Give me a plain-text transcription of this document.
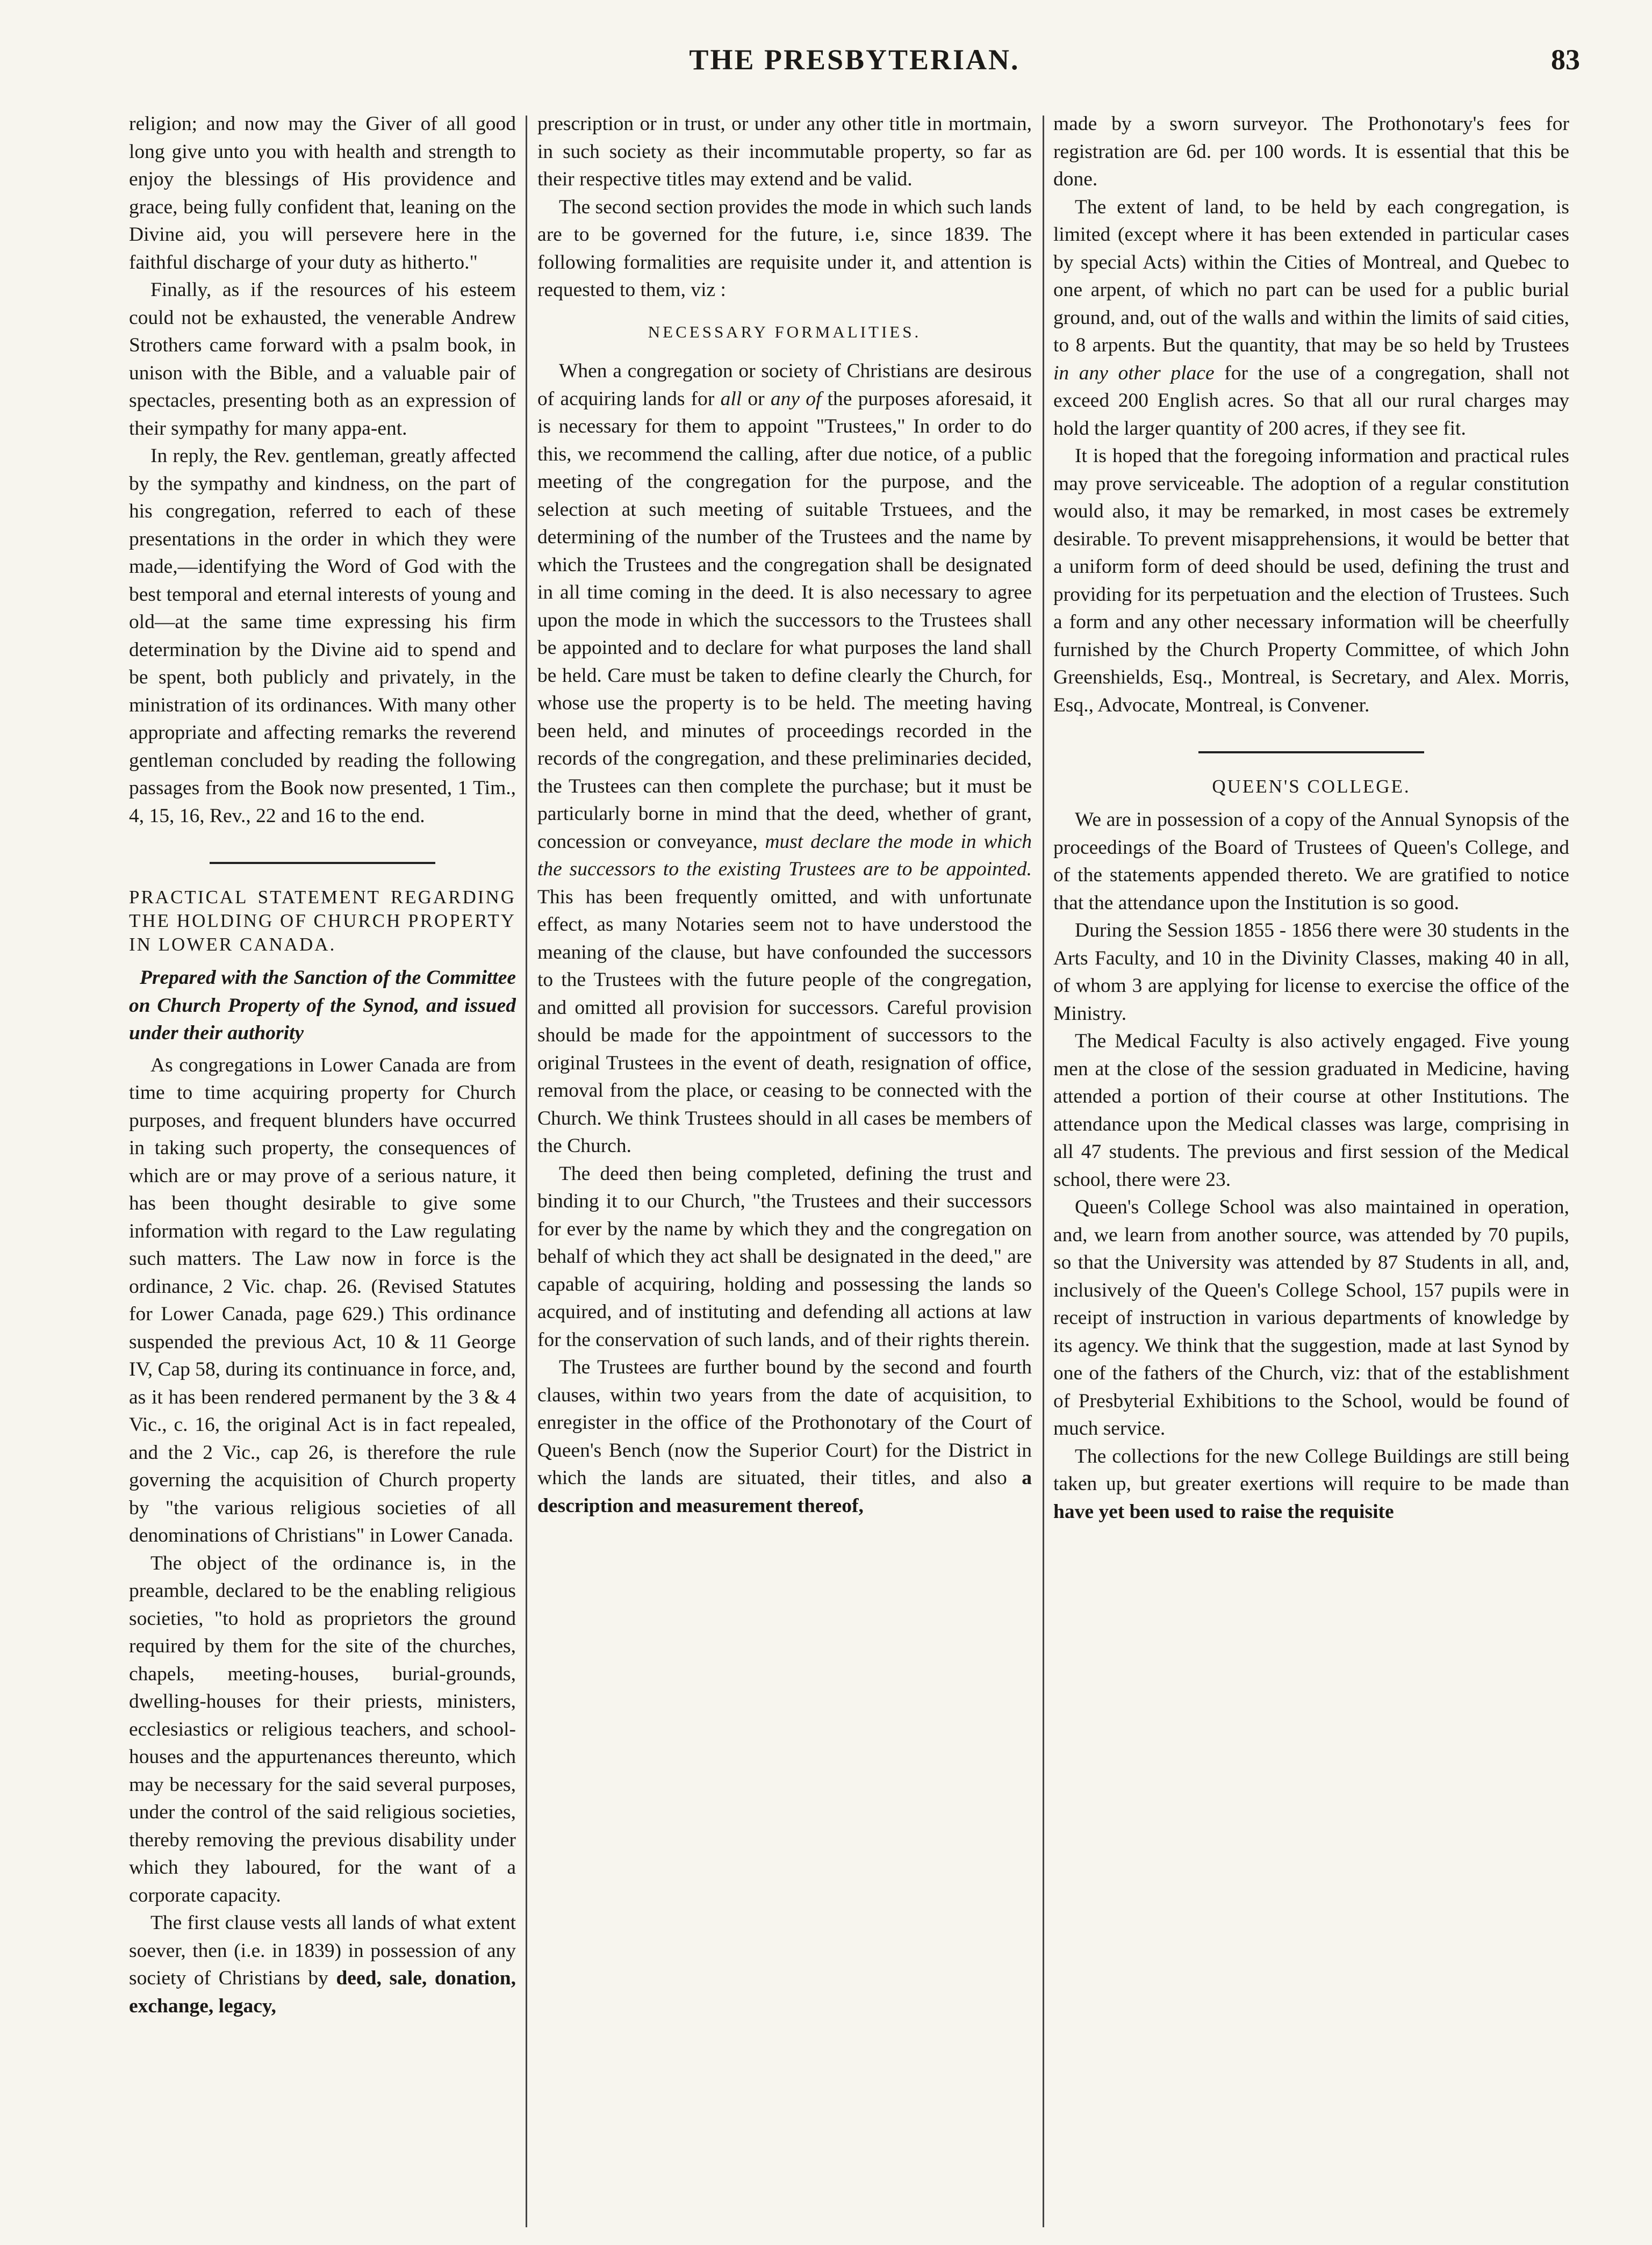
THE PRESBYTERIAN.	83

religion; and now may the Giver of all good long give unto you with health and strength to enjoy the blessings of His providence and grace, being fully confident that, leaning on the Divine aid, you will persevere here in the faithful discharge of your duty as hitherto."

Finally, as if the resources of his esteem could not be exhausted, the venerable Andrew Strothers came forward with a psalm book, in unison with the Bible, and a valuable pair of spectacles, presenting both as an expression of their sympathy for many appa-ent.

In reply, the Rev. gentleman, greatly affected by the sympathy and kindness, on the part of his congregation, referred to each of these presentations in the order in which they were made,—identifying the Word of God with the best temporal and eternal interests of young and old—at the same time expressing his firm determination by the Divine aid to spend and be spent, both publicly and privately, in the ministration of its ordinances. With many other appropriate and affecting remarks the reverend gentleman concluded by reading the following passages from the Book now presented, 1 Tim., 4, 15, 16, Rev., 22 and 16 to the end.

PRACTICAL STATEMENT REGARDING THE HOLDING OF CHURCH PROPERTY IN LOWER CANADA.

Prepared with the Sanction of the Committee on Church Property of the Synod, and issued under their authority

As congregations in Lower Canada are from time to time acquiring property for Church purposes, and frequent blunders have occurred in taking such property, the consequences of which are or may prove of a serious nature, it has been thought desirable to give some information with regard to the Law regulating such matters. The Law now in force is the ordinance, 2 Vic. chap. 26. (Revised Statutes for Lower Canada, page 629.) This ordinance suspended the previous Act, 10 & 11 George IV, Cap 58, during its continuance in force, and, as it has been rendered permanent by the 3 & 4 Vic., c. 16, the original Act is in fact repealed, and the 2 Vic., cap 26, is therefore the rule governing the acquisition of Church property by "the various religious societies of all denominations of Christians" in Lower Canada.

The object of the ordinance is, in the preamble, declared to be the enabling religious societies, "to hold as proprietors the ground required by them for the site of the churches, chapels, meeting-houses, burial-grounds, dwelling-houses for their priests, ministers, ecclesiastics or religious teachers, and school-houses and the appurtenances thereunto, which may be necessary for the said several purposes, under the control of the said religious societies, thereby removing the previous disability under which they laboured, for the want of a corporate capacity.

The first clause vests all lands of what extent soever, then (i.e. in 1839) in possession of any society of Christians by deed, sale, donation, exchange, legacy,

prescription or in trust, or under any other title in mortmain, in such society as their incommutable property, so far as their respective titles may extend and be valid.

The second section provides the mode in which such lands are to be governed for the future, i.e, since 1839. The following formalities are requisite under it, and attention is requested to them, viz :

NECESSARY FORMALITIES.

When a congregation or society of Christians are desirous of acquiring lands for all or any of the purposes aforesaid, it is necessary for them to appoint "Trustees," In order to do this, we recommend the calling, after due notice, of a public meeting of the congregation for the purpose, and the selection at such meeting of suitable Trstuees, and the determining of the number of the Trustees and the name by which the Trustees and the congregation shall be designated in all time coming in the deed. It is also necessary to agree upon the mode in which the successors to the Trustees shall be appointed and to declare for what purposes the land shall be held. Care must be taken to define clearly the Church, for whose use the property is to be held. The meeting having been held, and minutes of proceedings recorded in the records of the congregation, and these preliminaries decided, the Trustees can then complete the purchase; but it must be particularly borne in mind that the deed, whether of grant, concession or conveyance, must declare the mode in which the successors to the existing Trustees are to be appointed. This has been frequently omitted, and with unfortunate effect, as many Notaries seem not to have understood the meaning of the clause, but have confounded the successors to the Trustees with the future people of the congregation, and omitted all provision for successors. Careful provision should be made for the appointment of successors to the original Trustees in the event of death, resignation of office, removal from the place, or ceasing to be connected with the Church. We think Trustees should in all cases be members of the Church.

The deed then being completed, defining the trust and binding it to our Church, "the Trustees and their successors for ever by the name by which they and the congregation on behalf of which they act shall be designated in the deed," are capable of acquiring, holding and possessing the lands so acquired, and of instituting and defending all actions at law for the conservation of such lands, and of their rights therein.

The Trustees are further bound by the second and fourth clauses, within two years from the date of acquisition, to enregister in the office of the Prothonotary of the Court of Queen's Bench (now the Superior Court) for the District in which the lands are situated, their titles, and also a description and measurement thereof,

made by a sworn surveyor. The Prothonotary's fees for registration are 6d. per 100 words. It is essential that this be done.

The extent of land, to be held by each congregation, is limited (except where it has been extended in particular cases by special Acts) within the Cities of Montreal, and Quebec to one arpent, of which no part can be used for a public burial ground, and, out of the walls and within the limits of said cities, to 8 arpents. But the quantity, that may be so held by Trustees in any other place for the use of a congregation, shall not exceed 200 English acres. So that all our rural charges may hold the larger quantity of 200 acres, if they see fit.

It is hoped that the foregoing information and practical rules may prove serviceable. The adoption of a regular constitution would also, it may be remarked, in most cases be extremely desirable. To prevent misapprehensions, it would be better that a uniform form of deed should be used, defining the trust and providing for its perpetuation and the election of Trustees. Such a form and any other necessary information will be cheerfully furnished by the Church Property Committee, of which John Greenshields, Esq., Montreal, is Secretary, and Alex. Morris, Esq., Advocate, Montreal, is Convener.

QUEEN'S COLLEGE.

We are in possession of a copy of the Annual Synopsis of the proceedings of the Board of Trustees of Queen's College, and of the statements appended thereto. We are gratified to notice that the attendance upon the Institution is so good.

During the Session 1855 - 1856 there were 30 students in the Arts Faculty, and 10 in the Divinity Classes, making 40 in all, of whom 3 are applying for license to exercise the office of the Ministry.

The Medical Faculty is also actively engaged. Five young men at the close of the session graduated in Medicine, having attended a portion of their course at other Institutions. The attendance upon the Medical classes was large, comprising in all 47 students. The previous and first session of the Medical school, there were 23.

Queen's College School was also maintained in operation, and, we learn from another source, was attended by 70 pupils, so that the University was attended by 87 Students in all, and, inclusively of the Queen's College School, 157 pupils were in receipt of instruction in various departments of knowledge by its agency. We think that the suggestion, made at last Synod by one of the fathers of the Church, viz: that of the establishment of Presbyterial Exhibitions to the School, would be found of much service.

The collections for the new College Buildings are still being taken up, but greater exertions will require to be made than have yet been used to raise the requisite
